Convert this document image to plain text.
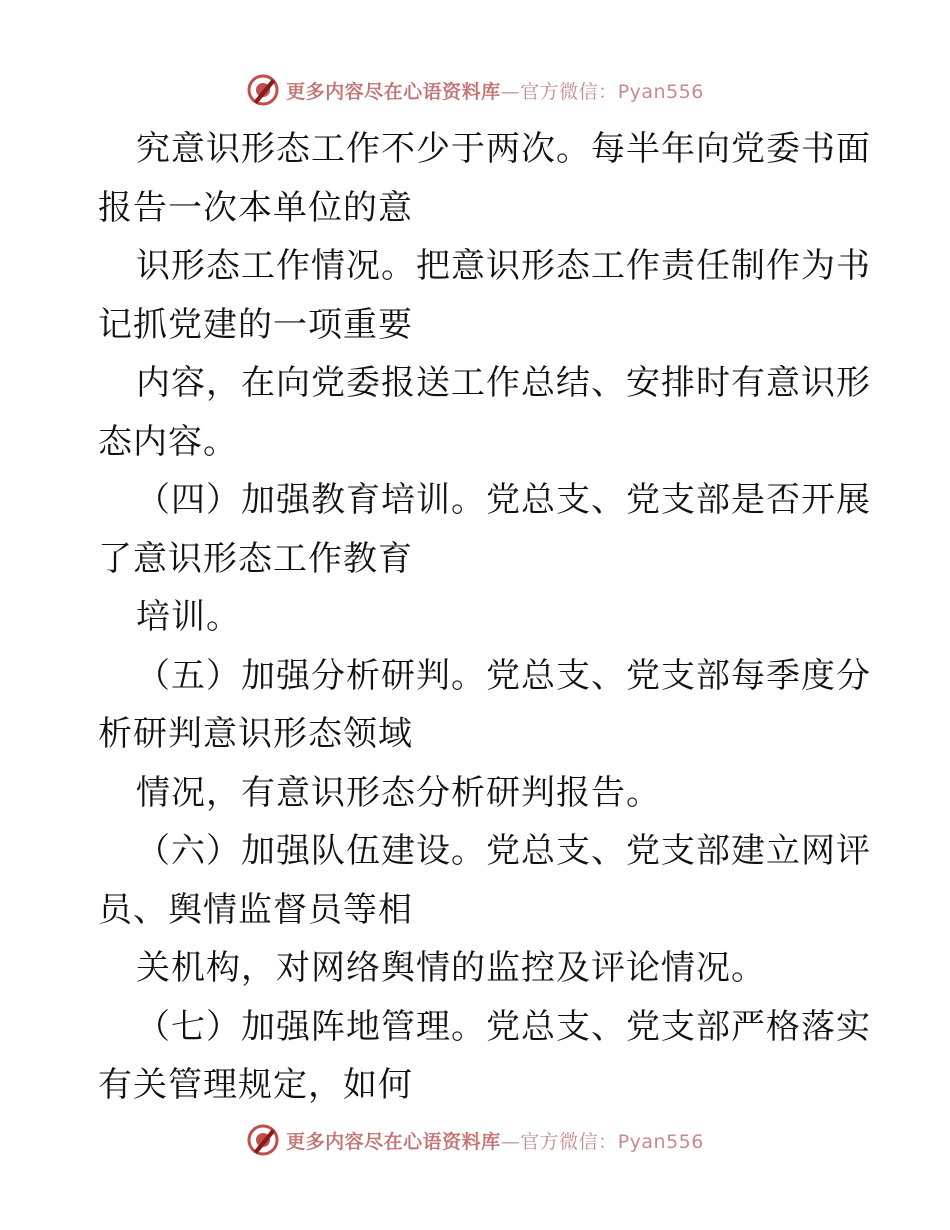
更多内容尽在心语资料库—官方微信：Pyan556
究意识形态工作不少于两次。每半年向党委书面
报告一次本单位的意
识形态工作情况。把意识形态工作责任制作为书
记抓党建的一项重要
内容，在向党委报送工作总结、安排时有意识形
态内容。
（四）加强教育培训。党总支、党支部是否开展
了意识形态工作教育
培训。
（五）加强分析研判。党总支、党支部每季度分
析研判意识形态领域
情况，有意识形态分析研判报告。
（六）加强队伍建设。党总支、党支部建立网评
员、舆情监督员等相
关机构，对网络舆情的监控及评论情况。
（七）加强阵地管理。党总支、党支部严格落实
有关管理规定，如何
更多内容尽在心语资料库—官方微信：Pyan556
